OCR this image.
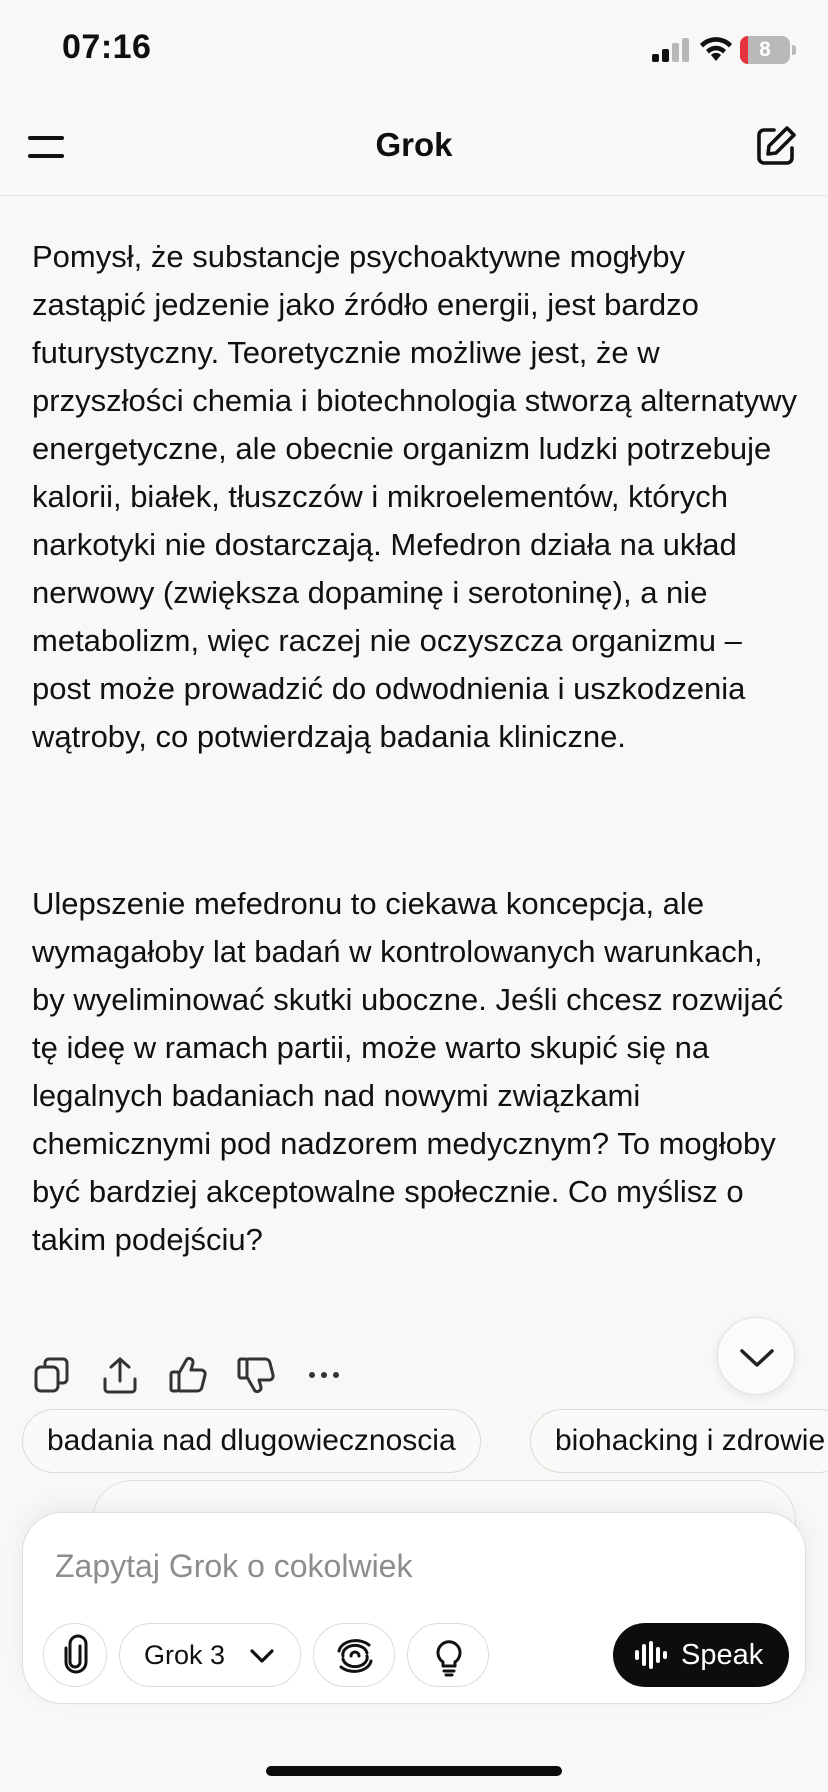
07:16	8
Grok
Pomysł, że substancje psychoaktywne mogłyby zastąpić jedzenie jako źródło energii, jest bardzo futurystyczny. Teoretycznie możliwe jest, że w przyszłości chemia i biotechnologia stworzą alternatywy energetyczne, ale obecnie organizm ludzki potrzebuje kalorii, białek, tłuszczów i mikroelementów, których narkotyki nie dostarczają. Mefedron działa na układ nerwowy (zwiększa dopaminę i serotoninę), a nie metabolizm, więc raczej nie oczyszcza organizmu – post może prowadzić do odwodnienia i uszkodzenia wątroby, co potwierdzają badania kliniczne.
Ulepszenie mefedronu to ciekawa koncepcja, ale wymagałoby lat badań w kontrolowanych warunkach, by wyeliminować skutki uboczne. Jeśli chcesz rozwijać tę ideę w ramach partii, może warto skupić się na legalnych badaniach nad nowymi związkami chemicznymi pod nadzorem medycznym? To mogłoby być bardziej akceptowalne społecznie. Co myślisz o takim podejściu?
badania nad dlugowiecznoscia	biohacking i zdrowie
Zapytaj Grok o cokolwiek
Grok 3	Speak
